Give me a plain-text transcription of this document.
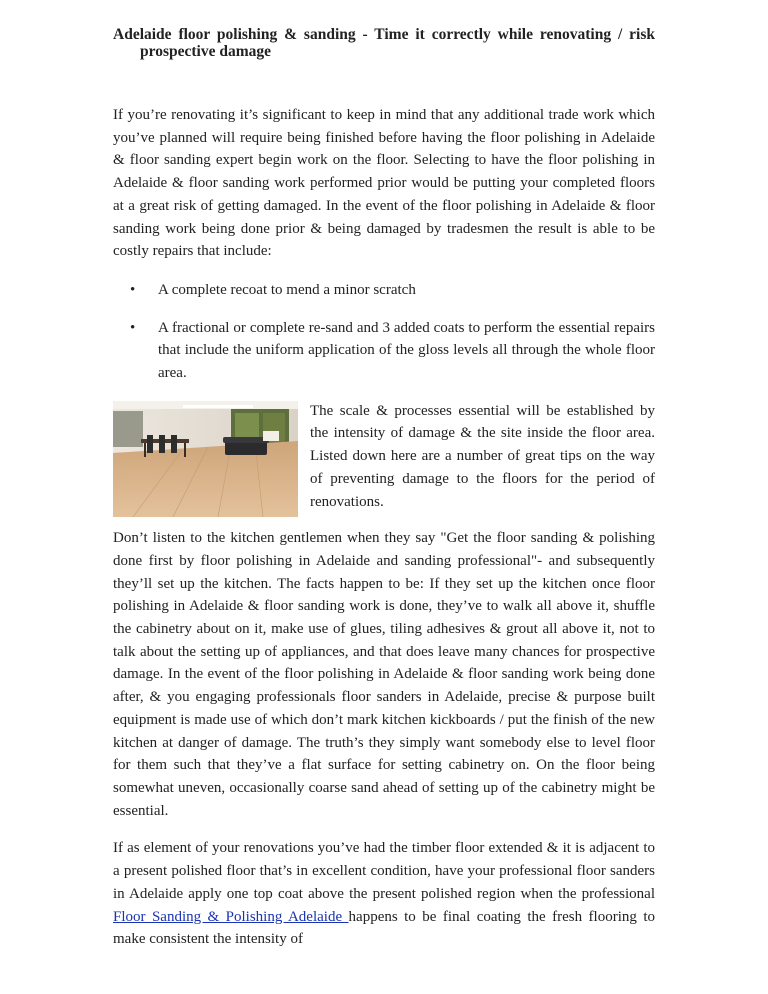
Adelaide floor polishing & sanding - Time it correctly while renovating / risk prospective damage

If you’re renovating it’s significant to keep in mind that any additional trade work which you’ve planned will require being finished before having the floor polishing in Adelaide & floor sanding expert begin work on the floor. Selecting to have the floor polishing in Adelaide & floor sanding work performed prior would be putting your completed floors at a great risk of getting damaged. In the event of the floor polishing in Adelaide & floor sanding work being done prior & being damaged by tradesmen the result is able to be costly repairs that include:

• A complete recoat to mend a minor scratch
• A fractional or complete re-sand and 3 added coats to perform the essential repairs that include the uniform application of the gloss levels all through the whole floor area.

The scale & processes essential will be established by the intensity of damage & the site inside the floor area. Listed down here are a number of great tips on the way of preventing damage to the floors for the period of renovations.

Don’t listen to the kitchen gentlemen when they say "Get the floor sanding & polishing done first by floor polishing in Adelaide and sanding professional"- and subsequently they’ll set up the kitchen. The facts happen to be: If they set up the kitchen once floor polishing in Adelaide & floor sanding work is done, they’ve to walk all above it, shuffle the cabinetry about on it, make use of glues, tiling adhesives & grout all above it, not to talk about the setting up of appliances, and that does leave many chances for prospective damage. In the event of the floor polishing in Adelaide & floor sanding work being done after, & you engaging professionals floor sanders in Adelaide, precise & purpose built equipment is made use of which don’t mark kitchen kickboards / put the finish of the new kitchen at danger of damage. The truth’s they simply want somebody else to level floor for them such that they’ve a flat surface for setting cabinetry on. On the floor being somewhat uneven, occasionally coarse sand ahead of setting up of the cabinetry might be essential.

If as element of your renovations you’ve had the timber floor extended & it is adjacent to a present polished floor that’s in excellent condition, have your professional floor sanders in Adelaide apply one top coat above the present polished region when the professional Floor Sanding & Polishing Adelaide happens to be final coating the fresh flooring to make consistent the intensity of
